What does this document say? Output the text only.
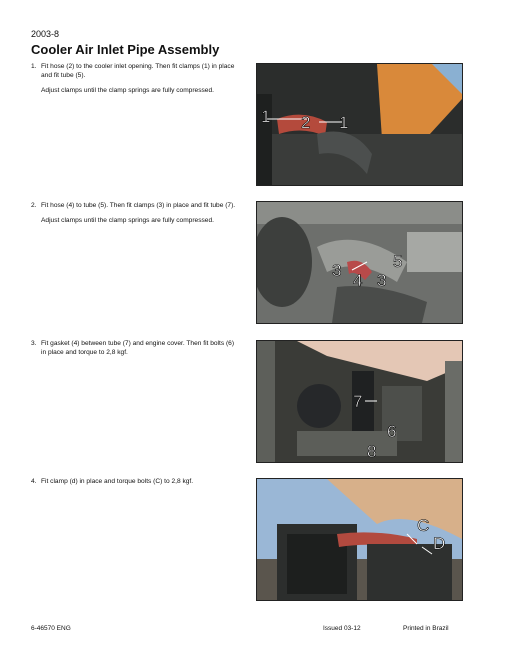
2003-8
Cooler Air Inlet Pipe Assembly
1. Fit hose (2) to the cooler inlet opening. Then fit clamps (1) in place and fit tube (5).
Adjust clamps until the clamp springs are fully compressed.
1 2 1
2. Fit hose (4) to tube (5). Then fit clamps (3) in place and fit tube (7).
Adjust clamps until the clamp springs are fully compressed.
3
4 3
5
3. Fit gasket (4) between tube (7) and engine cover. Then fit bolts (6) in place and torque to 2,8 kgf.
7
6
8
4. Fit clamp (d) in place and torque bolts (C) to 2,8 kgf.
C
D
6-46570 ENG	Issued 03-12	Printed in Brazil
